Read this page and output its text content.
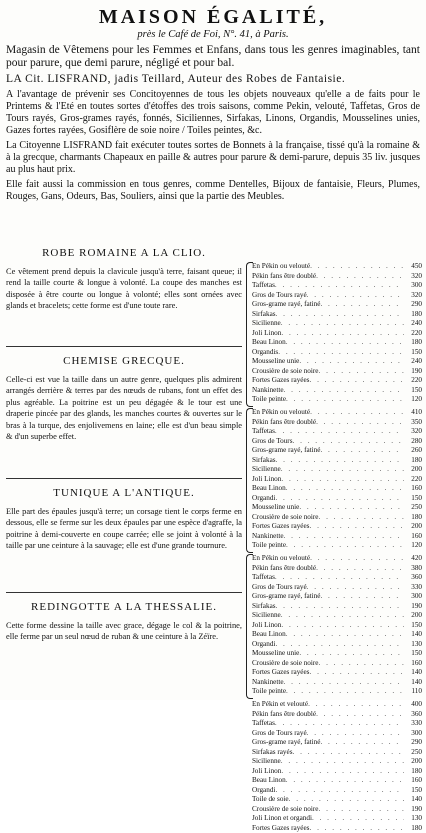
MAISON ÉGALITÉ,
près le Café de Foi, N°. 41, à Paris.

Magasin de Vêtemens pour les Femmes et Enfans, dans tous les genres imaginables, tant pour parure, que demi parure, négligé et pour bal.

LA Cit. LISFRAND, jadis Teillard, Auteur des Robes de Fantaisie.

A l'avantage de prévenir ses Concitoyennes de tous les objets nouveaux qu'elle a de faits pour le Printems & l'Eté en toutes sortes d'étoffes des trois saisons, comme Pekin, velouté, Taffetas, Gros de Tours rayés, Gros-grames rayés, fonnés, Siciliennes, Sirfakas, Linons, Organdis, Mousselines unies, Gazes fortes rayées, Gosiflère de soie noire / Toiles peintes, &c.

La Citoyenne LISFRAND fait exécuter toutes sortes de Bonnets à la française, tissé qu'à la romaine & à la grecque, charmants Chapeaux en paille & autres pour parure & demi-parure, depuis 35 liv. jusques au plus haut prix.

Elle fait aussi la commission en tous genres, comme Dentelles, Bijoux de fantaisie, Fleurs, Plumes, Rouges, Gans, Odeurs, Bas, Souliers, ainsi que la partie des Meubles.

ROBE ROMAINE A LA CLIO.

Ce vêtement prend depuis la clavicule jusqu'à terre, faisant queue; il rend la taille courte & longue à volonté. La coupe des manches est disposée à être courte ou longue à volonté; elles sont ornées avec glands et bracelets; cette forme est d'une toute rare.

CHEMISE GRECQUE.

Celle-ci est vue la taille dans un autre genre, quelques plis admirent arrangés derrière & terres par des nœuds de rubans, font un effet des plus agréable. La poitrine est un peu dégagée & le tour est une draperie pincée par des glands, les manches courtes & ouvertes sur le bras à la turque, des enjolivemens en laine; elle est d'un beau simple & d'un superbe effet.

TUNIQUE A L'ANTIQUE.

Elle part des épaules jusqu'à terre; un corsage tient le corps ferme en dessous, elle se ferme sur les deux épaules par une espèce d'agraffe, la poitrine à demi-couverte en coupe carrée; elle se joint à volonté à la taille par une ceinture à la sauvage; elle est d'une grande tournure.

REDINGOTTE A LA THESSALIE.

Cette forme dessine la taille avec grace, dégage le col & la poitrine, elle ferme par un seul nœud de ruban & une ceinture à la Zéïre.

En Pékin ou velouté . . .	450
Pékin fans être doublé . . .	320
Taffetas . . .	300
Gros de Tours rayé . . .	320
Gros-grame rayé, fatiné . . .	290
Sirfakas . . .	180
Sicilienne . . .	240
Joli Linon . . .	220
Beau Linon . . .	180
Organdis . . .	150
Mousseline unie . . .	240
Crousière de soie noire . . .	190
Fortes Gazes rayées . . .	220
Nankinette . . .	150
Toile peinte . . .	120
En Pékin ou velouté . . .	410
Pékin fans être doublé . . .	350
Taffetas . . .	320
Gros de Tours . . .	280
Gros-grame rayé, fatiné . . .	260
Sirfakas . . .	180
Sicilienne . . .	200
Joli Linon . . .	220
Beau Linon . . .	160
Organdi . . .	150
Mousseline unie . . .	250
Crousière de soie noire . . .	180
Fortes Gazes rayées . . .	200
Nankinette . . .	160
Toile peinte . . .	120
En Pékin ou velouté . . .	420
Pékin fans être doublé . . .	380
Taffetas . . .	360
Gros de Tours rayé . . .	330
Gros-grame rayé, fatiné . . .	300
Sirfakas . . .	190
Sicilienne . . .	200
Joli Linon . . .	150
Beau Linon . . .	140
Organdi . . .	130
Mousseline unie . . .	150
Crousière de soie noire . . .	160
Fortes Gazes rayées . . .	140
Nankinette . . .	140
Toile peinte . . .	110
En Pékin et velouté . . .	400
Pékin fans être doublé . . .	360
Taffetas . . .	330
Gros de Tours rayé . . .	300
Gros-grame rayé, fatiné . . .	290
Sirfakas rayés . . .	250
Sicilienne . . .	200
Joli Linon . . .	180
Beau Linon . . .	160
Organdi . . .	150
Toile de soie . . .	140
Crousière de soie noire . . .	190
Joli Linon et organdi . . .	130
Fortes Gazes rayées . . .	180
